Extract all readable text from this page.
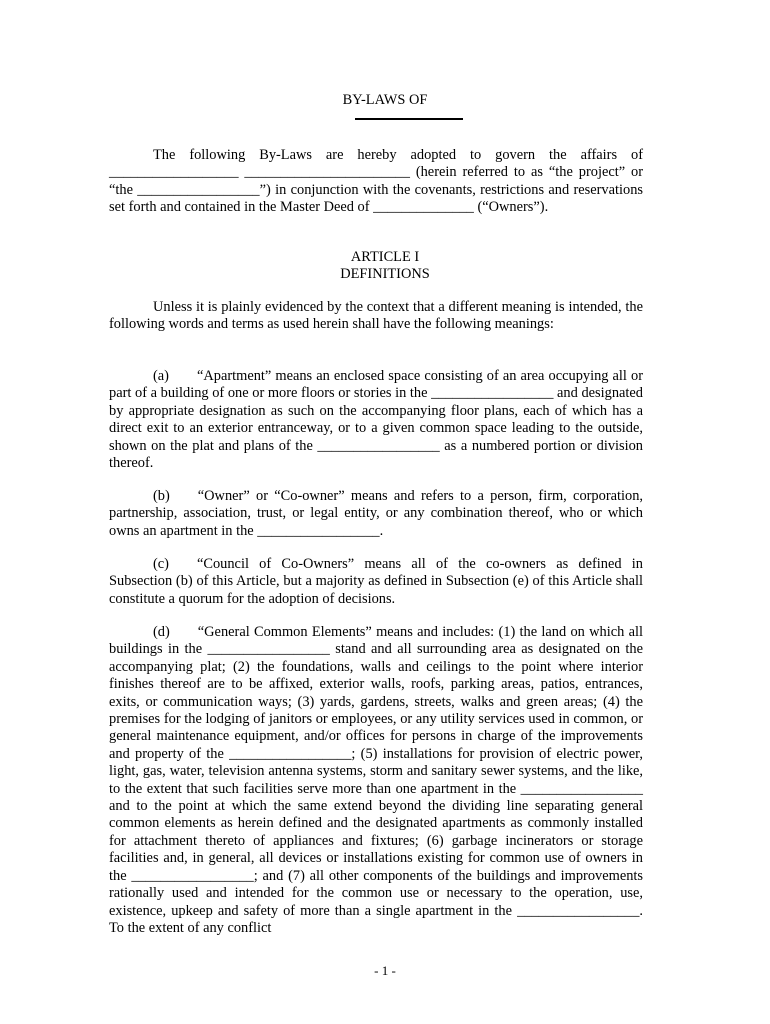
BY-LAWS OF

The following By-Laws are hereby adopted to govern the affairs of __________________ _______________________ (herein referred to as “the project” or “the _________________”) in conjunction with the covenants, restrictions and reservations set forth and contained in the Master Deed of ______________ (“Owners”).

ARTICLE I
DEFINITIONS

Unless it is plainly evidenced by the context that a different meaning is intended, the following words and terms as used herein shall have the following meanings:

(a) “Apartment” means an enclosed space consisting of an area occupying all or part of a building of one or more floors or stories in the _________________ and designated by appropriate designation as such on the accompanying floor plans, each of which has a direct exit to an exterior entranceway, or to a given common space leading to the outside, shown on the plat and plans of the _________________ as a numbered portion or division thereof.

(b) “Owner” or “Co-owner” means and refers to a person, firm, corporation, partnership, association, trust, or legal entity, or any combination thereof, who or which owns an apartment in the _________________.

(c) “Council of Co-Owners” means all of the co-owners as defined in Subsection (b) of this Article, but a majority as defined in Subsection (e) of this Article shall constitute a quorum for the adoption of decisions.

(d) “General Common Elements” means and includes: (1) the land on which all buildings in the _________________ stand and all surrounding area as designated on the accompanying plat; (2) the foundations, walls and ceilings to the point where interior finishes thereof are to be affixed, exterior walls, roofs, parking areas, patios, entrances, exits, or communication ways; (3) yards, gardens, streets, walks and green areas; (4) the premises for the lodging of janitors or employees, or any utility services used in common, or general maintenance equipment, and/or offices for persons in charge of the improvements and property of the _________________; (5) installations for provision of electric power, light, gas, water, television antenna systems, storm and sanitary sewer systems, and the like, to the extent that such facilities serve more than one apartment in the _________________ and to the point at which the same extend beyond the dividing line separating general common elements as herein defined and the designated apartments as commonly installed for attachment thereto of appliances and fixtures; (6) garbage incinerators or storage facilities and, in general, all devices or installations existing for common use of owners in the _________________; and (7) all other components of the buildings and improvements rationally used and intended for the common use or necessary to the operation, use, existence, upkeep and safety of more than a single apartment in the _________________. To the extent of any conflict

- 1 -
